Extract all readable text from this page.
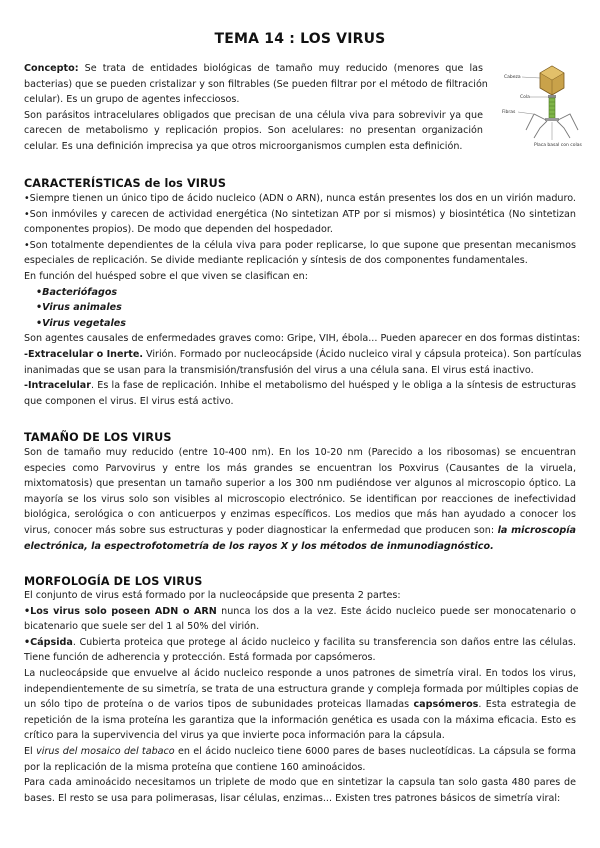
TEMA 14 : LOS VIRUS
Concepto: Se trata de entidades biológicas de tamaño muy reducido (menores que las
bacterias) que se pueden cristalizar y son filtrables (Se pueden filtrar por el método de filtración
celular). Es un grupo de agentes infecciosos.
Son parásitos intracelulares obligados que precisan de una célula viva para sobrevivir ya que
carecen de metabolismo y replicación propios. Son acelulares: no presentan organización
celular. Es una definición imprecisa ya que otros microorganismos cumplen esta definición.
Cabeza
Cola
Fibras
Placa basal con colas
CARACTERÍSTICAS de los VIRUS
•Siempre tienen un único tipo de ácido nucleico (ADN o ARN), nunca están presentes los dos en un virión maduro.
•Son inmóviles y carecen de actividad energética (No sintetizan ATP por si mismos) y biosintética (No sintetizan
componentes propios). De modo que dependen del hospedador.
•Son totalmente dependientes de la célula viva para poder replicarse, lo que supone que presentan mecanismos
especiales de replicación. Se divide mediante replicación y síntesis de dos componentes fundamentales.
En función del huésped sobre el que viven se clasifican en:
•Bacteriófagos
•Virus animales
•Virus vegetales
Son agentes causales de enfermedades graves como: Gripe, VIH, ébola... Pueden aparecer en dos formas distintas:
-Extracelular o Inerte. Virión. Formado por nucleocápside (Ácido nucleico viral y cápsula proteica). Son partículas
inanimadas que se usan para la transmisión/transfusión del virus a una célula sana. El virus está inactivo.
-Intracelular. Es la fase de replicación. Inhibe el metabolismo del huésped y le obliga a la síntesis de estructuras
que componen el virus. El virus está activo.
TAMAÑO DE LOS VIRUS
Son de tamaño muy reducido (entre 10-400 nm). En los 10-20 nm (Parecido a los ribosomas) se encuentran
especies como Parvovirus y entre los más grandes se encuentran los Poxvirus (Causantes de la viruela,
mixtomatosis) que presentan un tamaño superior a los 300 nm pudiéndose ver algunos al microscopio óptico. La
mayoría se los virus solo son visibles al microscopio electrónico. Se identifican por reacciones de inefectividad
biológica, serológica o con anticuerpos y enzimas específicos. Los medios que más han ayudado a conocer los
virus, conocer más sobre sus estructuras y poder diagnosticar la enfermedad que producen son: la microscopía
electrónica, la espectrofotometría de los rayos X y los métodos de inmunodiagnóstico.
MORFOLOGÍA DE LOS VIRUS
El conjunto de virus está formado por la nucleocápside que presenta 2 partes:
•Los virus solo poseen ADN o ARN nunca los dos a la vez. Este ácido nucleico puede ser monocatenario o
bicatenario que suele ser del 1 al 50% del virión.
•Cápsida. Cubierta proteica que protege al ácido nucleico y facilita su transferencia son daños entre las células.
Tiene función de adherencia y protección. Está formada por capsómeros.
La nucleocápside que envuelve al ácido nucleico responde a unos patrones de simetría viral. En todos los virus,
independientemente de su simetría, se trata de una estructura grande y compleja formada por múltiples copias de
un sólo tipo de proteína o de varios tipos de subunidades proteicas llamadas capsómeros. Esta estrategia de
repetición de la isma proteína les garantiza que la información genética es usada con la máxima eficacia. Esto es
crítico para la supervivencia del virus ya que invierte poca información para la cápsula.
El virus del mosaico del tabaco en el ácido nucleico tiene 6000 pares de bases nucleotídicas. La cápsula se forma
por la replicación de la misma proteína que contiene 160 aminoácidos.
Para cada aminoácido necesitamos un triplete de modo que en sintetizar la capsula tan solo gasta 480 pares de
bases. El resto se usa para polimerasas, lisar células, enzimas... Existen tres patrones básicos de simetría viral:
